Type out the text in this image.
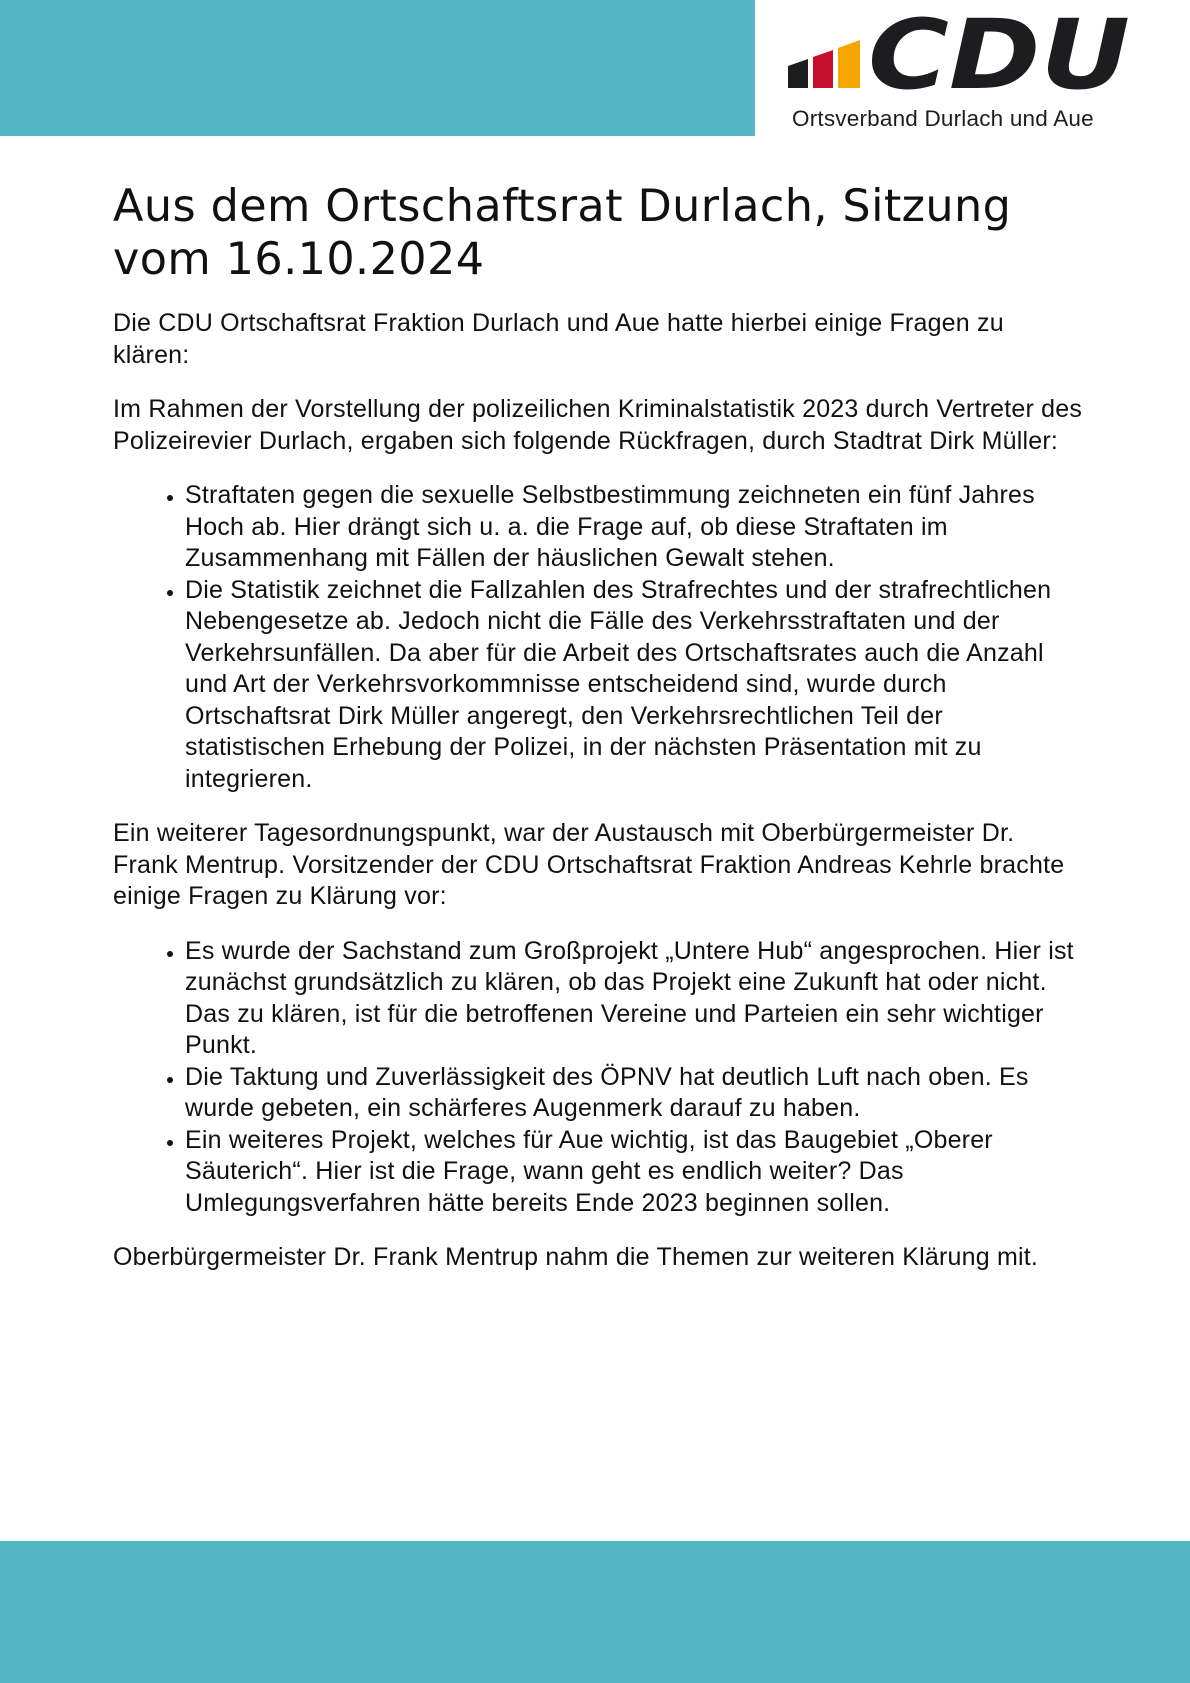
CDU
Ortsverband Durlach und Aue
Aus dem Ortschaftsrat Durlach, Sitzung vom 16.10.2024

Die CDU Ortschaftsrat Fraktion Durlach und Aue hatte hierbei einige Fragen zu klären:

Im Rahmen der Vorstellung der polizeilichen Kriminalstatistik 2023 durch Vertreter des Polizeirevier Durlach, ergaben sich folgende Rückfragen, durch Stadtrat Dirk Müller:

• Straftaten gegen die sexuelle Selbstbestimmung zeichneten ein fünf Jahres Hoch ab. Hier drängt sich u. a. die Frage auf, ob diese Straftaten im Zusammenhang mit Fällen der häuslichen Gewalt stehen.
• Die Statistik zeichnet die Fallzahlen des Strafrechtes und der strafrechtlichen Nebengesetze ab. Jedoch nicht die Fälle des Verkehrsstraftaten und der Verkehrsunfällen. Da aber für die Arbeit des Ortschaftsrates auch die Anzahl und Art der Verkehrsvorkommnisse entscheidend sind, wurde durch Ortschaftsrat Dirk Müller angeregt, den Verkehrsrechtlichen Teil der statistischen Erhebung der Polizei, in der nächsten Präsentation mit zu integrieren.

Ein weiterer Tagesordnungspunkt, war der Austausch mit Oberbürgermeister Dr. Frank Mentrup. Vorsitzender der CDU Ortschaftsrat Fraktion Andreas Kehrle brachte einige Fragen zu Klärung vor:

• Es wurde der Sachstand zum Großprojekt „Untere Hub“ angesprochen. Hier ist zunächst grundsätzlich zu klären, ob das Projekt eine Zukunft hat oder nicht. Das zu klären, ist für die betroffenen Vereine und Parteien ein sehr wichtiger Punkt.
• Die Taktung und Zuverlässigkeit des ÖPNV hat deutlich Luft nach oben. Es wurde gebeten, ein schärferes Augenmerk darauf zu haben.
• Ein weiteres Projekt, welches für Aue wichtig, ist das Baugebiet „Oberer Säuterich“. Hier ist die Frage, wann geht es endlich weiter? Das Umlegungsverfahren hätte bereits Ende 2023 beginnen sollen.

Oberbürgermeister Dr. Frank Mentrup nahm die Themen zur weiteren Klärung mit.
